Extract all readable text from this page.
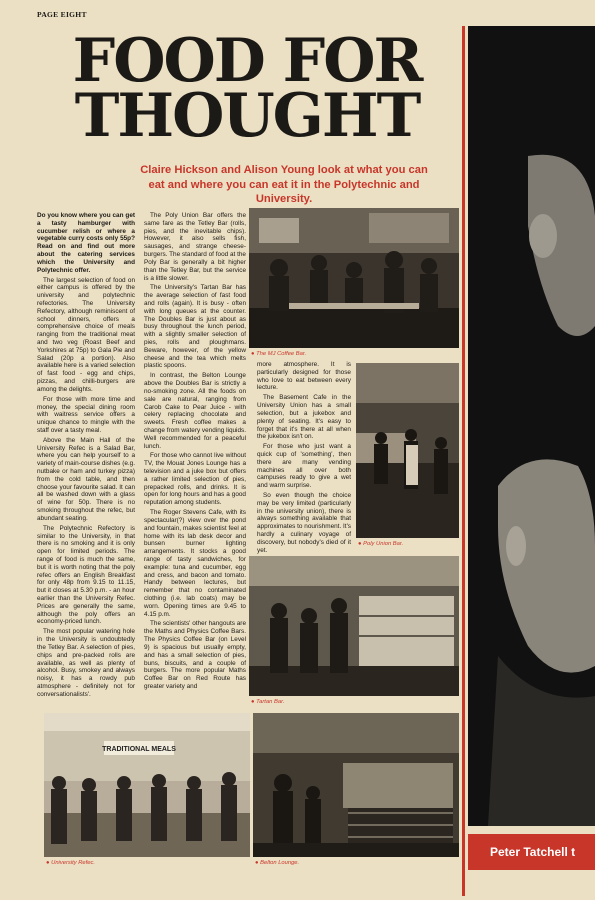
PAGE EIGHT
FOOD FOR
THOUGHT
Claire Hickson and Alison Young look at what you can eat and where you can eat it in the Polytechnic and University.

Do you know where you can get a tasty hamburger with cucumber relish or where a vegetable curry costs only 55p? Read on and find out more about the catering services which the University and Polytechnic offer.

The largest selection of food on either campus is offered by the university and polytechnic refectories. The University Refectory, although reminiscent of school dinners, offers a comprehensive choice of meals ranging from the traditional meat and two veg (Roast Beef and Yorkshires at 75p) to Gala Pie and Salad (20p a portion). Also available here is a varied selection of fast food - egg and chips, pizzas, and chilli-burgers are among the delights.

For those with more time and money, the special dining room with waitress service offers a unique chance to mingle with the staff over a tasty meal.

Above the Main Hall of the University Refec is a Salad Bar, where you can help yourself to a variety of main-course dishes (e.g. nutbake or ham and turkey pizza) from the cold table, and then choose your favourite salad. It can all be washed down with a glass of wine for 50p. There is no smoking throughout the refec, but abundant seating.

The Polytechnic Refectory is similar to the University, in that there is no smoking and it is only open for limited periods. The range of food is much the same, but it is worth noting that the poly refec offers an English Breakfast for only 48p from 9.15 to 11.15, but it closes at 5.30 p.m. - an hour earlier than the University Refec. Prices are generally the same, although the poly offers an economy-priced lunch.

The most popular watering hole in the University is undoubtedly the Tetley Bar. A selection of pies, chips and pre-packed rolls are available, as well as plenty of alcohol. Busy, smokey and always noisy, it has a rowdy pub atmosphere - definitely not for conversationalists'.

The Poly Union Bar offers the same fare as the Tetley Bar (rolls, pies, and the inevitable chips). However, it also sells fish, sausages, and strange cheese-burgers. The standard of food at the Poly Bar is generally a bit higher than the Tetley Bar, but the service is a little slower.

The University's Tartan Bar has the average selection of fast food and rolls (again). It is busy - often with long queues at the counter. The Doubles Bar is just about as busy throughout the lunch period, with a slightly smaller selection of pies, rolls and ploughmans. Beware, however, of the yellow cheese and the tea which melts plastic spoons.

In contrast, the Belton Lounge above the Doubles Bar is strictly a no-smoking zone. All the foods on sale are natural, ranging from Carob Cake to Pear Juice - with celery replacing chocolate and sweets. Fresh coffee makes a change from watery vending liquids. Well recommended for a peaceful lunch.

For those who cannot live without TV, the Mouat Jones Lounge has a television and a juke box but offers a rather limited selection of pies, prepacked rolls, and drinks. It is open for long hours and has a good reputation among students.

The Roger Stevens Cafe, with its spectacular(?) view over the pond and fountain, makes scientist feel at home with its lab desk decor and bunsen burner lighting arrangements. It stocks a good range of tasty sandwiches, for example: tuna and cucumber, egg and cress, and bacon and tomato. Handy between lectures, but remember that no contaminated clothing (i.e. lab coats) may be worn. Opening times are 9.45 to 4.15 p.m.

The scientists' other hangouts are the Maths and Physics Coffee Bars. The Physics Coffee Bar (on Level 9) is spacious but usually empty, and has a small selection of pies, buns, biscuits, and a couple of burgers. The more popular Maths Coffee Bar on Red Route has greater variety and

more atmosphere. It is particularly designed for those who love to eat between every lecture.

The Basement Cafe in the University Union has a small selection, but a jukebox and plenty of seating. It's easy to forget that it's there at all when the jukebox isn't on.

For those who just want a quick cup of 'something', then there are many vending machines all over both campuses ready to give a wet and warm surprise.

So even though the choice may be very limited (particularly in the university union), there is always something available that approximates to nourishment. It's hardly a culinary voyage of discovery, but nobody's died of it yet.

● The MJ Coffee Bar.
● Poly Union Bar.
● Tartan Bar.
TRADITIONAL MEALS
● University Refec.	● Belton Lounge.
Peter Tatchell t
